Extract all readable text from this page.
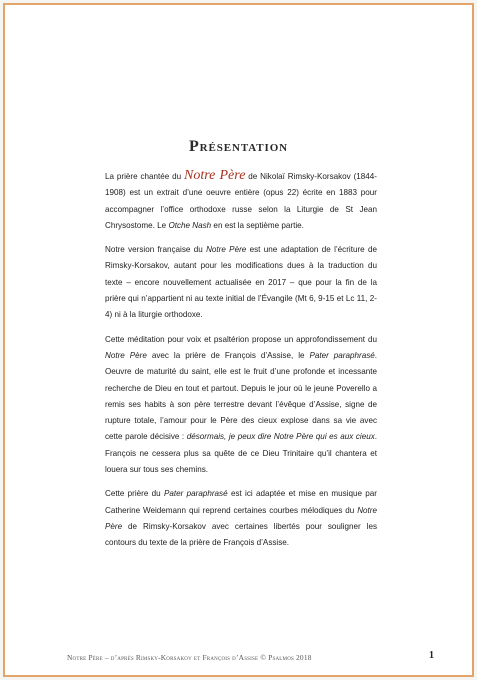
Présentation

La prière chantée du Notre Père de Nikolaï Rimsky-Korsakov (1844-1908) est un extrait d’une oeuvre entière (opus 22) écrite en 1883 pour accompagner l’office orthodoxe russe selon la Liturgie de St Jean Chrysostome. Le Otche Nash en est la septième partie.

Notre version française du Notre Père est une adaptation de l’écriture de Rimsky-Korsakov, autant pour les modifications dues à la traduction du texte – encore nouvellement actualisée en 2017 – que pour la fin de la prière qui n’appartient ni au texte initial de l’Évangile (Mt 6, 9-15 et Lc 11, 2-4) ni à la liturgie orthodoxe.

Cette méditation pour voix et psaltérion propose un approfondissement du Notre Père avec la prière de François d’Assise, le Pater paraphrasé. Oeuvre de maturité du saint, elle est le fruit d’une profonde et incessante recherche de Dieu en tout et partout. Depuis le jour où le jeune Poverello a remis ses habits à son père terrestre devant l’évêque d’Assise, signe de rupture totale, l’amour pour le Père des cieux explose dans sa vie avec cette parole décisive : désormais, je peux dire Notre Père qui es aux cieux. François ne cessera plus sa quête de ce Dieu Trinitaire qu’il chantera et louera sur tous ses chemins.

Cette prière du Pater paraphrasé est ici adaptée et mise en musique par Catherine Weidemann qui reprend certaines courbes mélodiques du Notre Père de Rimsky-Korsakov avec certaines libertés pour souligner les contours du texte de la prière de François d’Assise.

Notre Père – d’après Rimsky-Korsakov et François d’Assise © Psalmos 2018	1
